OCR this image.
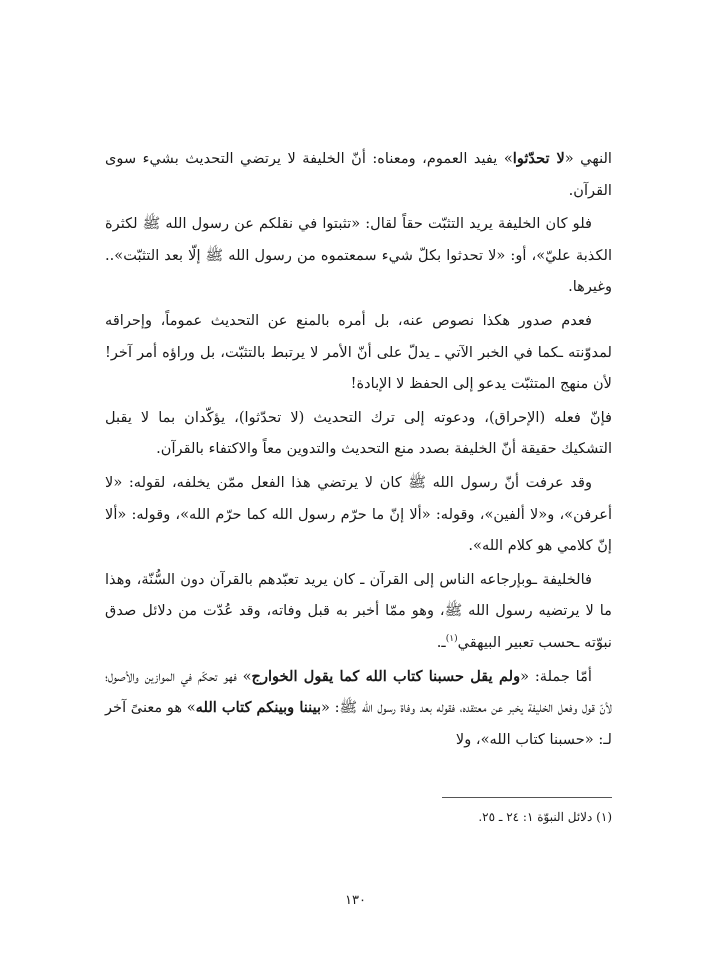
النهي «لا تحدّثوا» يفيد العموم، ومعناه: أنّ الخليفة لا يرتضي التحديث بشيء سوى القرآن.

فلو كان الخليفة يريد التثبّت حقاً لقال: «تثبتوا في نقلكم عن رسول الله ﷺ لكثرة الكذبة عليّ»، أو: «لا تحدثوا بكلّ شيء سمعتموه من رسول الله ﷺ إلّا بعد التثبّت».. وغيرها.

فعدم صدور هكذا نصوص عنه، بل أمره بالمنع عن التحديث عموماً، وإحراقه لمدوّنته ـكما في الخبر الآتي ـ يدلّ على أنّ الأمر لا يرتبط بالتثبّت، بل وراؤه أمر آخر! لأن منهج المتثبّت يدعو إلى الحفظ لا الإبادة!

فإنّ فعله (الإحراق)، ودعوته إلى ترك التحديث (لا تحدّثوا)، يؤكّدان بما لا يقبل التشكيك حقيقة أنّ الخليفة بصدد منع التحديث والتدوين معاً والاكتفاء بالقرآن.

وقد عرفت أنّ رسول الله ﷺ كان لا يرتضي هذا الفعل ممّن يخلفه، لقوله: «لا أعرفن»، و«لا ألفين»، وقوله: «ألا إنّ ما حرّم رسول الله كما حرّم الله»، وقوله: «ألا إنّ كلامي هو كلام الله».

فالخليفة ـوبإرجاعه الناس إلى القرآن ـ كان يريد تعبّدهم بالقرآن دون السُّنّة، وهذا ما لا يرتضيه رسول الله ﷺ، وهو ممّا أخبر به قبل وفاته، وقد عُدّت من دلائل صدق نبوّته ـحسب تعبير البيهقي$^{(١)}$ـ.

أمّا جملة: «ولم يقل حسبنا كتاب الله كما يقول الخوارج» فهو تحكّم في الموازين والأصول؛ لأنّ قول وفعل الخليفة يخبر عن معتقده، فقوله بعد وفاة رسول الله ﷺ: «بيننا وبينكم كتاب الله» هو معنىً آخر لـ: «حسبنا كتاب الله»، ولا

(١) دلائل النبوّة ١: ٢٤ ـ ٢٥.
١٣٠
